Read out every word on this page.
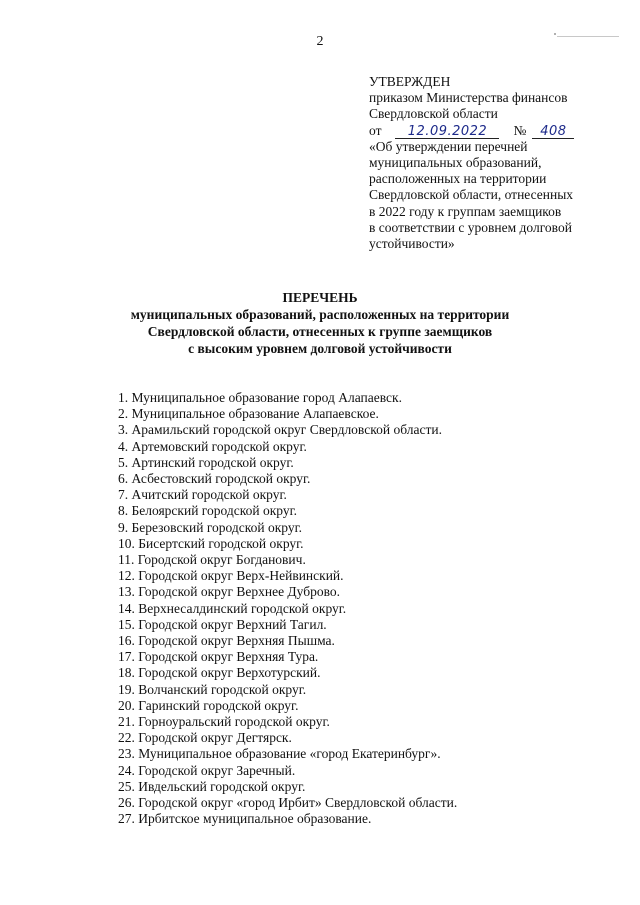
2
УТВЕРЖДЕН
приказом Министерства финансов
Свердловской области
от 12.09.2022 № 408
«Об утверждении перечней
муниципальных образований,
расположенных на территории
Свердловской области, отнесенных
в 2022 году к группам заемщиков
в соответствии с уровнем долговой
устойчивости»
ПЕРЕЧЕНЬ
муниципальных образований, расположенных на территории
Свердловской области, отнесенных к группе заемщиков
с высоким уровнем долговой устойчивости
1. Муниципальное образование город Алапаевск.
2. Муниципальное образование Алапаевское.
3. Арамильский городской округ Свердловской области.
4. Артемовский городской округ.
5. Артинский городской округ.
6. Асбестовский городской округ.
7. Ачитский городской округ.
8. Белоярский городской округ.
9. Березовский городской округ.
10. Бисертский городской округ.
11. Городской округ Богданович.
12. Городской округ Верх-Нейвинский.
13. Городской округ Верхнее Дуброво.
14. Верхнесалдинский городской округ.
15. Городской округ Верхний Тагил.
16. Городской округ Верхняя Пышма.
17. Городской округ Верхняя Тура.
18. Городской округ Верхотурский.
19. Волчанский городской округ.
20. Гаринский городской округ.
21. Горноуральский городской округ.
22. Городской округ Дегтярск.
23. Муниципальное образование «город Екатеринбург».
24. Городской округ Заречный.
25. Ивдельский городской округ.
26. Городской округ «город Ирбит» Свердловской области.
27. Ирбитское муниципальное образование.
